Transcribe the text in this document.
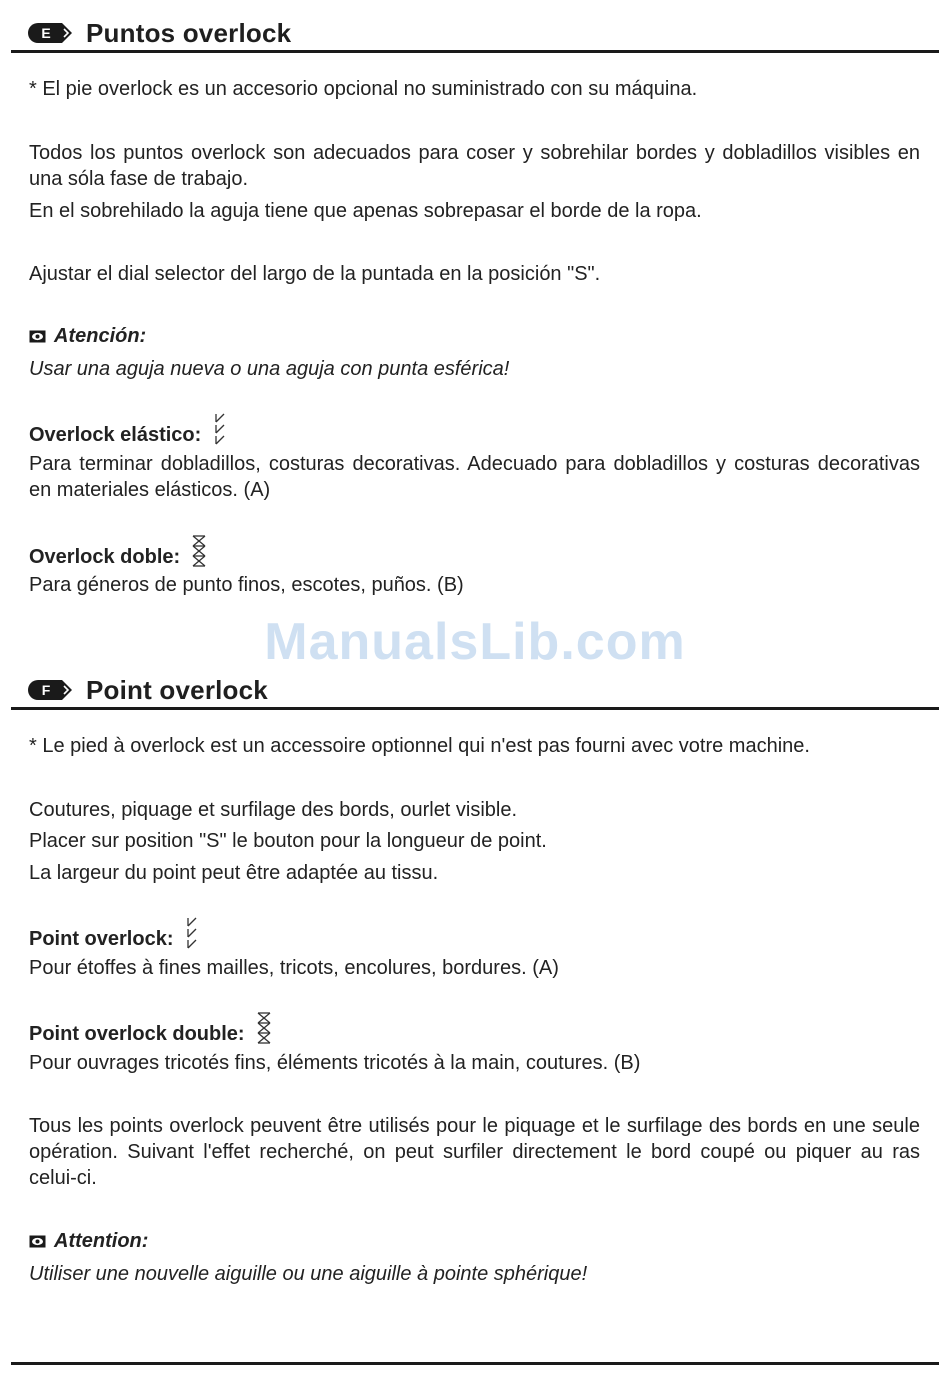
E	Puntos overlock
* El pie overlock es un accesorio opcional no suministrado con su máquina.
Todos los puntos overlock son adecuados para coser y sobrehilar bordes y dobladillos visibles en una sóla fase de trabajo.
En el sobrehilado la aguja tiene que apenas sobrepasar el borde de la ropa.
Ajustar el dial selector del largo de la puntada en la posición "S".
Atención:
Usar una aguja nueva o una aguja con punta esférica!
Overlock elástico:
Para terminar dobladillos, costuras decorativas. Adecuado para dobladillos y costuras decorativas en materiales elásticos. (A)
Overlock doble:
Para géneros de punto finos, escotes, puños. (B)
ManualsLib.com
F	Point overlock
* Le pied à overlock est un accessoire optionnel qui n'est pas fourni avec votre machine.
Coutures, piquage et surfilage des bords, ourlet visible.
Placer sur position "S" le bouton pour la longueur de point.
La largeur du point peut être adaptée au tissu.
Point overlock:
Pour étoffes à fines mailles, tricots, encolures, bordures. (A)
Point overlock double:
Pour ouvrages tricotés fins, éléments tricotés à la main, coutures. (B)
Tous les points overlock peuvent être utilisés pour le piquage et le surfilage des bords en une seule opération. Suivant l'effet recherché, on peut surfiler directement le bord coupé ou piquer au ras celui-ci.
Attention:
Utiliser une nouvelle aiguille ou une aiguille à pointe sphérique!
